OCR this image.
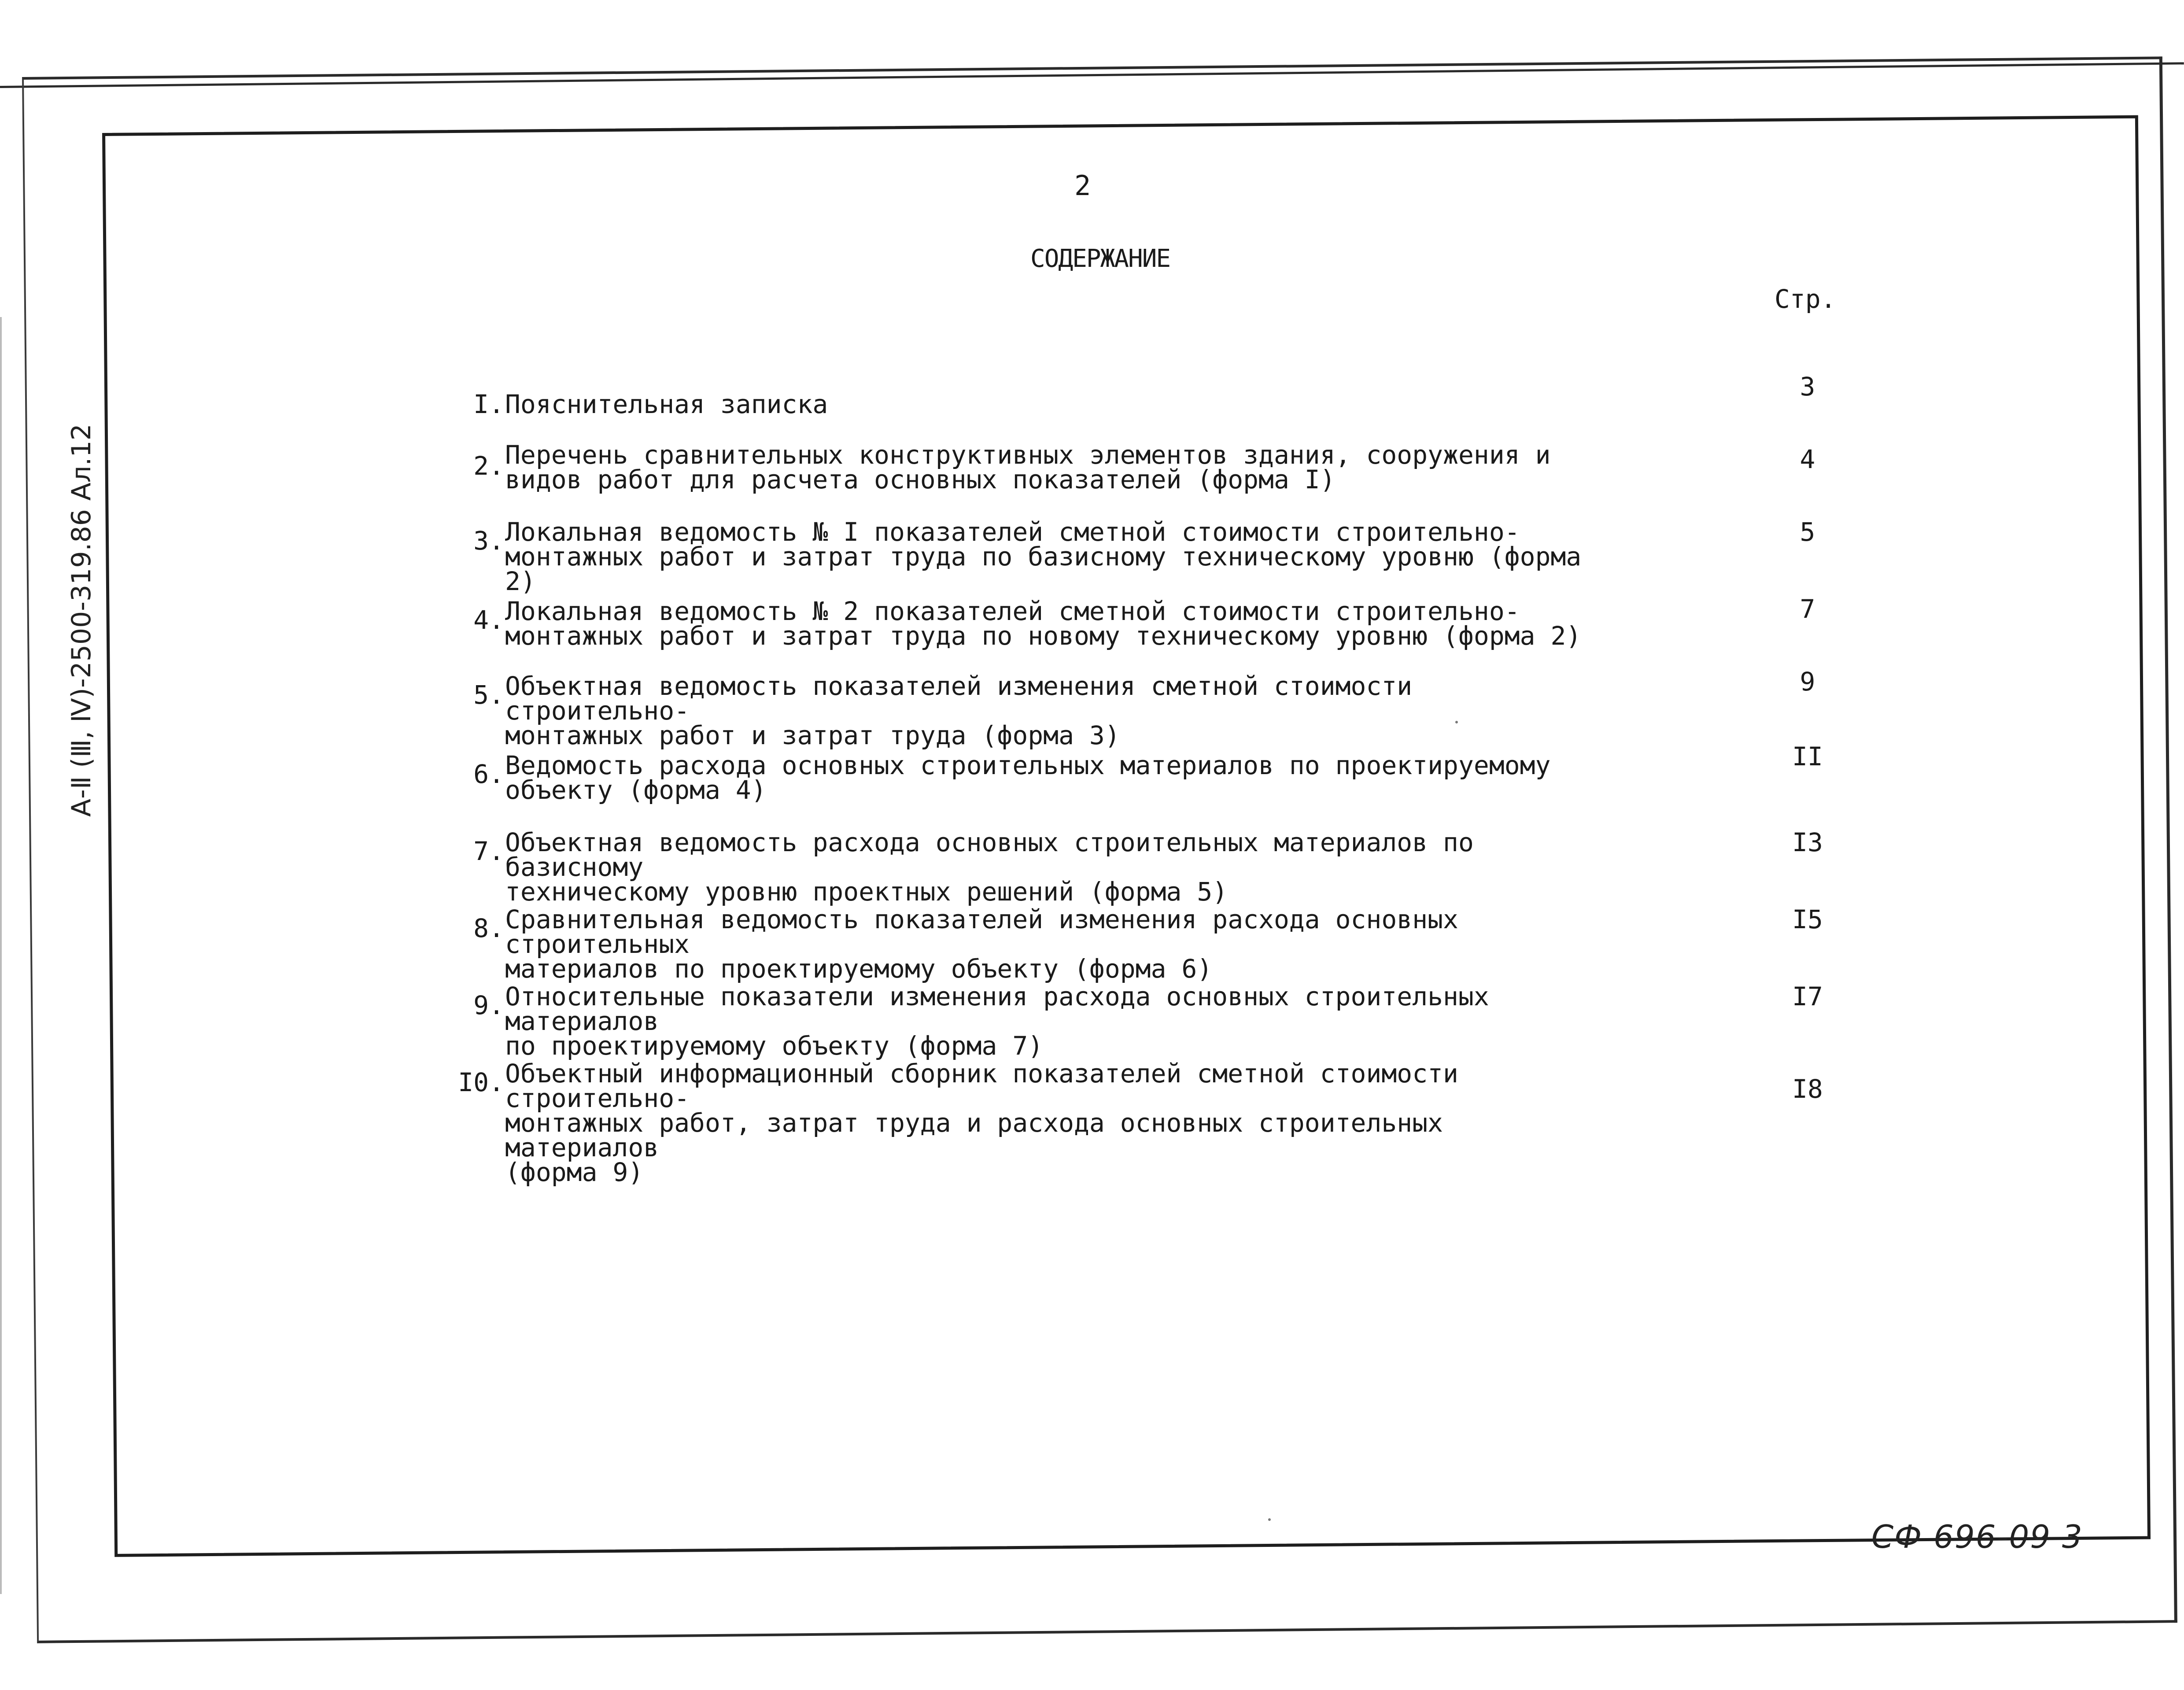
А-Ⅱ (Ⅲ, Ⅳ)-2500-319.86 Ал.12
2
СОДЕРЖАНИЕ
Стр.
I. Пояснительная записка
3
2. Перечень сравнительных конструктивных элементов здания, сооружения и
видов работ для расчета основных показателей (форма I)
4
3. Локальная ведомость № I показателей сметной стоимости строительно-
монтажных работ и затрат труда по базисному техническому уровню (форма 2)
5
4. Локальная ведомость № 2 показателей сметной стоимости строительно-
монтажных работ и затрат труда по новому техническому уровню (форма 2)
7
5. Объектная ведомость показателей изменения сметной стоимости строительно-
монтажных работ и затрат труда (форма 3)
9
6. Ведомость расхода основных строительных материалов по проектируемому
объекту (форма 4)
II
7. Объектная ведомость расхода основных строительных материалов по базисному
техническому уровню проектных решений (форма 5)
I3
8. Сравнительная ведомость показателей изменения расхода основных строительных
материалов по проектируемому объекту (форма 6)
I5
9. Относительные показатели изменения расхода основных строительных материалов
по проектируемому объекту (форма 7)
I7
I0. Объектный информационный сборник показателей сметной стоимости строительно-
монтажных работ, затрат труда и расхода основных строительных материалов
(форма 9)
I8
СФ 696-09 3
